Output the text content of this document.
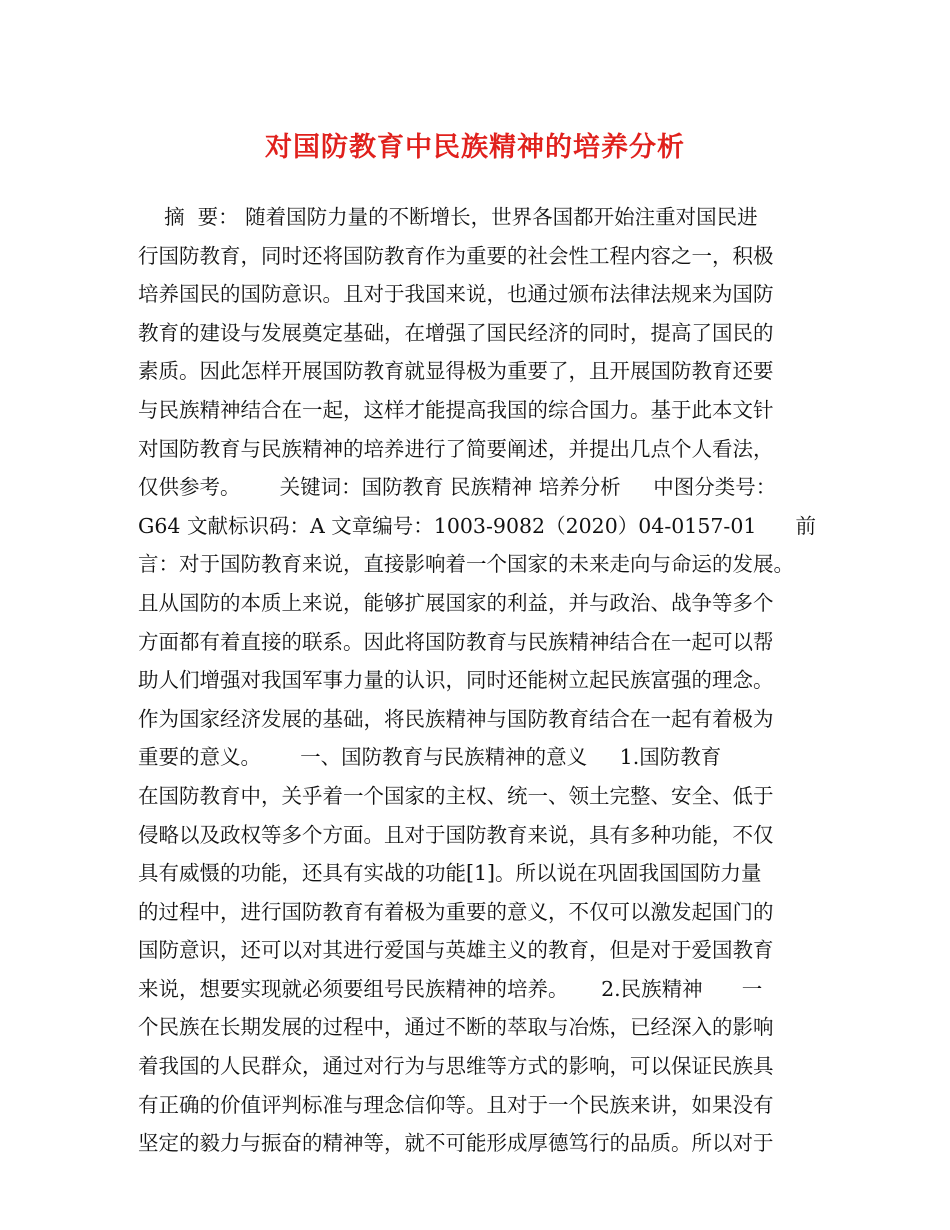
对国防教育中民族精神的培养分析
摘  要： 随着国防力量的不断增长，世界各国都开始注重对国民进
行国防教育，同时还将国防教育作为重要的社会性工程内容之一，积极
培养国民的国防意识。且对于我国来说，也通过颁布法律法规来为国防
教育的建设与发展奠定基础，在增强了国民经济的同时，提高了国民的
素质。因此怎样开展国防教育就显得极为重要了，且开展国防教育还要
与民族精神结合在一起，这样才能提高我国的综合国力。基于此本文针
对国防教育与民族精神的培养进行了简要阐述，并提出几点个人看法，
仅供参考。      关键词：国防教育 民族精神 培养分析     中图分类号：
G64 文献标识码：A 文章编号：1003-9082（2020）04-0157-01      前
言：对于国防教育来说，直接影响着一个国家的未来走向与命运的发展。
且从国防的本质上来说，能够扩展国家的利益，并与政治、战争等多个
方面都有着直接的联系。因此将国防教育与民族精神结合在一起可以帮
助人们增强对我国军事力量的认识，同时还能树立起民族富强的理念。
作为国家经济发展的基础，将民族精神与国防教育结合在一起有着极为
重要的意义。      一、国防教育与民族精神的意义     1.国防教育
在国防教育中，关乎着一个国家的主权、统一、领土完整、安全、低于
侵略以及政权等多个方面。且对于国防教育来说，具有多种功能，不仅
具有威慑的功能，还具有实战的功能[1]。所以说在巩固我国国防力量
的过程中，进行国防教育有着极为重要的意义，不仅可以激发起国门的
国防意识，还可以对其进行爱国与英雄主义的教育，但是对于爱国教育
来说，想要实现就必须要组号民族精神的培养。     2.民族精神      一
个民族在长期发展的过程中，通过不断的萃取与冶炼，已经深入的影响
着我国的人民群众，通过对行为与思维等方式的影响，可以保证民族具
有正确的价值评判标准与理念信仰等。且对于一个民族来讲，如果没有
坚定的毅力与振奋的精神等，就不可能形成厚德笃行的品质。所以对于
